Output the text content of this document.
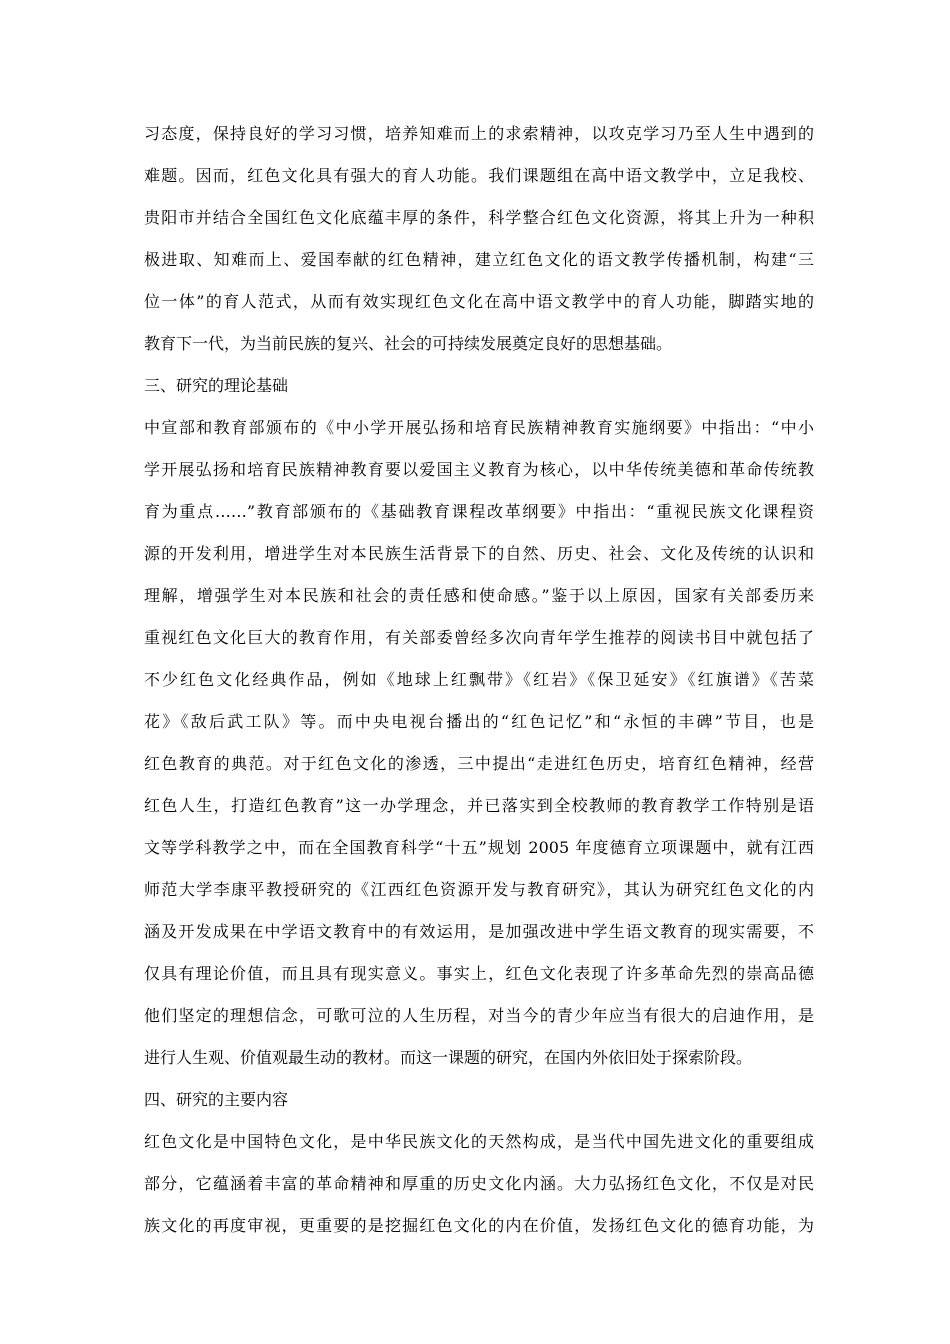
习态度，保持良好的学习习惯，培养知难而上的求索精神，以攻克学习乃至人生中遇到的
难题。因而，红色文化具有强大的育人功能。我们课题组在高中语文教学中，立足我校、
贵阳市并结合全国红色文化底蕴丰厚的条件，科学整合红色文化资源，将其上升为一种积
极进取、知难而上、爱国奉献的红色精神，建立红色文化的语文教学传播机制，构建“三
位一体”的育人范式，从而有效实现红色文化在高中语文教学中的育人功能，脚踏实地的
教育下一代，为当前民族的复兴、社会的可持续发展奠定良好的思想基础。
三、研究的理论基础
中宣部和教育部颁布的《中小学开展弘扬和培育民族精神教育实施纲要》中指出：“中小
学开展弘扬和培育民族精神教育要以爱国主义教育为核心，以中华传统美德和革命传统教
育为重点……”教育部颁布的《基础教育课程改革纲要》中指出：“重视民族文化课程资
源的开发利用，增进学生对本民族生活背景下的自然、历史、社会、文化及传统的认识和
理解，增强学生对本民族和社会的责任感和使命感。”鉴于以上原因，国家有关部委历来
重视红色文化巨大的教育作用，有关部委曾经多次向青年学生推荐的阅读书目中就包括了
不少红色文化经典作品，例如《地球上红飘带》《红岩》《保卫延安》《红旗谱》《苦菜
花》《敌后武工队》等。而中央电视台播出的“红色记忆”和“永恒的丰碑”节目，也是
红色教育的典范。对于红色文化的渗透，三中提出“走进红色历史，培育红色精神，经营
红色人生，打造红色教育”这一办学理念，并已落实到全校教师的教育教学工作特别是语
文等学科教学之中，而在全国教育科学“十五”规划 2005 年度德育立项课题中，就有江西
师范大学李康平教授研究的《江西红色资源开发与教育研究》，其认为研究红色文化的内
涵及开发成果在中学语文教育中的有效运用，是加强改进中学生语文教育的现实需要，不
仅具有理论价值，而且具有现实意义。事实上，红色文化表现了许多革命先烈的崇高品德
他们坚定的理想信念，可歌可泣的人生历程，对当今的青少年应当有很大的启迪作用，是
进行人生观、价值观最生动的教材。而这一课题的研究，在国内外依旧处于探索阶段。
四、研究的主要内容
红色文化是中国特色文化，是中华民族文化的天然构成，是当代中国先进文化的重要组成
部分，它蕴涵着丰富的革命精神和厚重的历史文化内涵。大力弘扬红色文化，不仅是对民
族文化的再度审视，更重要的是挖掘红色文化的内在价值，发扬红色文化的德育功能，为
